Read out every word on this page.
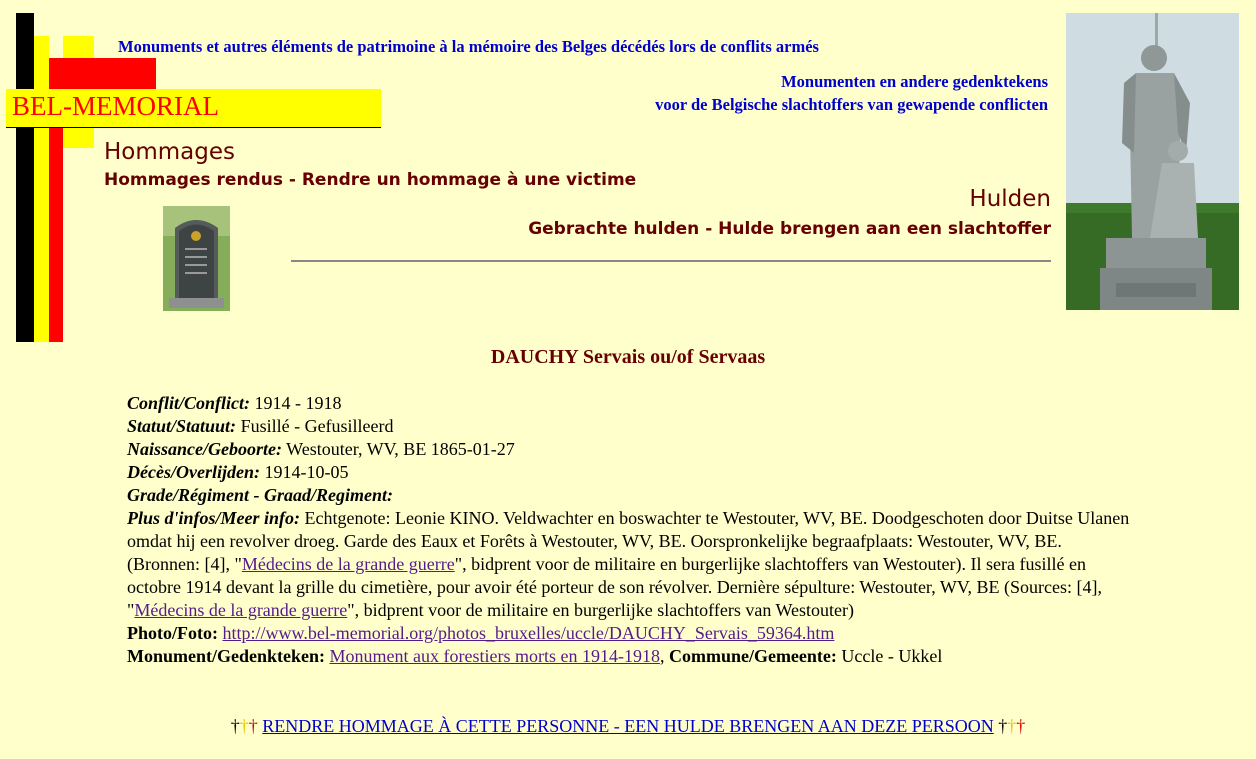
BEL-MEMORIAL
Monuments et autres éléments de patrimoine à la mémoire des Belges décédés lors de conflits armés
Monumenten en andere gedenktekens
voor de Belgische slachtoffers van gewapende conflicten
Hommages
Hommages rendus - Rendre un hommage à une victime
Hulden
Gebrachte hulden - Hulde brengen aan een slachtoffer
DAUCHY Servais ou/of Servaas
Conflit/Conflict: 1914 - 1918
Statut/Statuut: Fusillé - Gefusilleerd
Naissance/Geboorte: Westouter, WV, BE 1865-01-27
Décès/Overlijden: 1914-10-05
Grade/Régiment - Graad/Regiment:
Plus d'infos/Meer info: Echtgenote: Leonie KINO. Veldwachter en boswachter te Westouter, WV, BE. Doodgeschoten door Duitse Ulanen omdat hij een revolver droeg. Garde des Eaux et Forêts à Westouter, WV, BE. Oorspronkelijke begraafplaats: Westouter, WV, BE. (Bronnen: [4], "Médecins de la grande guerre", bidprent voor de militaire en burgerlijke slachtoffers van Westouter). Il sera fusillé en octobre 1914 devant la grille du cimetière, pour avoir été porteur de son révolver. Dernière sépulture: Westouter, WV, BE (Sources: [4], "Médecins de la grande guerre", bidprent voor de militaire en burgerlijke slachtoffers van Westouter)
Photo/Foto: http://www.bel-memorial.org/photos_bruxelles/uccle/DAUCHY_Servais_59364.htm
Monument/Gedenkteken: Monument aux forestiers morts en 1914-1918, Commune/Gemeente: Uccle - Ukkel
††† RENDRE HOMMAGE À CETTE PERSONNE - EEN HULDE BRENGEN AAN DEZE PERSOON †††
